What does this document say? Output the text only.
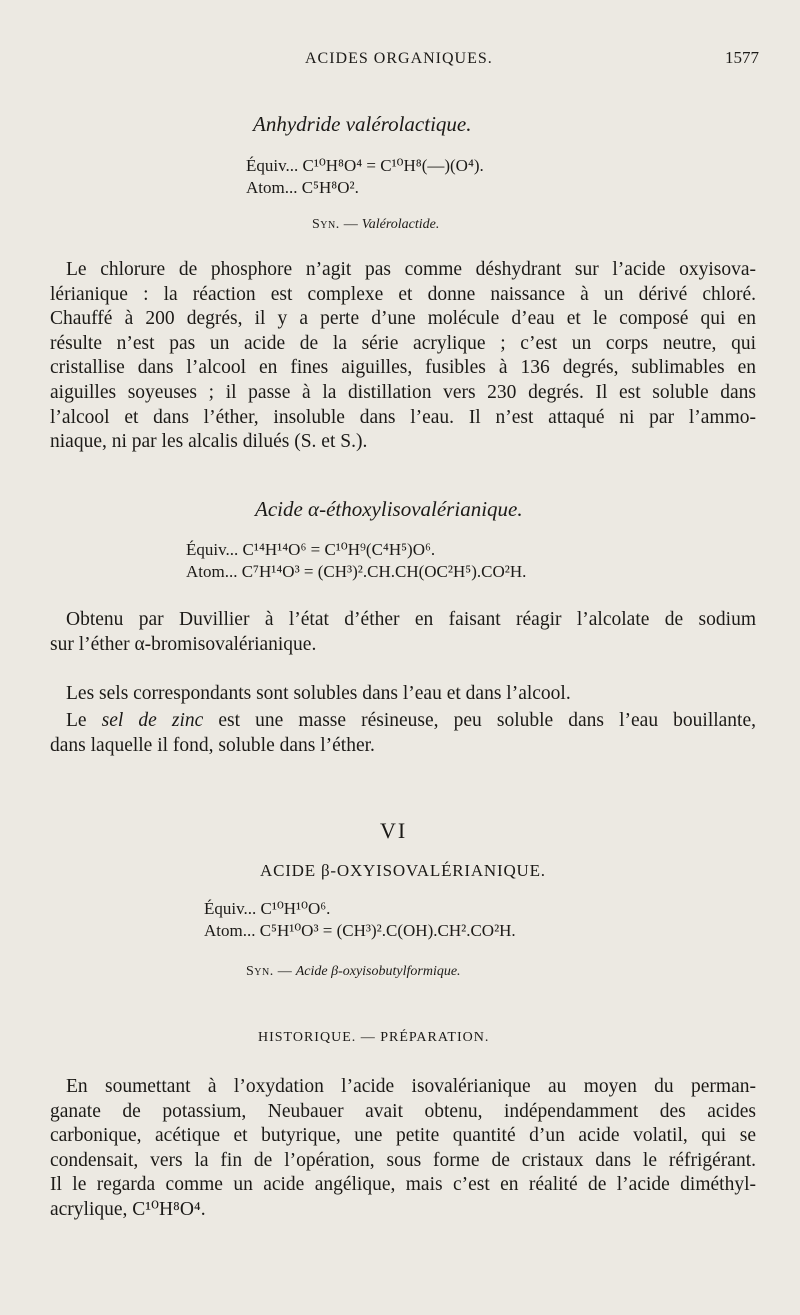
ACIDES ORGANIQUES.	1577
Anhydride valérolactique.
Équiv... C¹⁰H⁸O⁴ = C¹⁰H⁸(—)(O⁴).
Atom... C⁵H⁸O².
Syn. — Valérolactide.
Le chlorure de phosphore n’agit pas comme déshydrant sur l’acide oxyisova-
lérianique : la réaction est complexe et donne naissance à un dérivé chloré.
Chauffé à 200 degrés, il y a perte d’une molécule d’eau et le composé qui en
résulte n’est pas un acide de la série acrylique ; c’est un corps neutre, qui
cristallise dans l’alcool en fines aiguilles, fusibles à 136 degrés, sublimables en
aiguilles soyeuses ; il passe à la distillation vers 230 degrés. Il est soluble dans
l’alcool et dans l’éther, insoluble dans l’eau. Il n’est attaqué ni par l’ammo-
niaque, ni par les alcalis dilués (S. et S.).
Acide α-éthoxylisovalérianique.
Équiv... C¹⁴H¹⁴O⁶ = C¹⁰H⁹(C⁴H⁵)O⁶.
Atom... C⁷H¹⁴O³ = (CH³)².CH.CH(OC²H⁵).CO²H.
Obtenu par Duvillier à l’état d’éther en faisant réagir l’alcolate de sodium
sur l’éther α-bromisovalérianique.
Les sels correspondants sont solubles dans l’eau et dans l’alcool.
Le sel de zinc est une masse résineuse, peu soluble dans l’eau bouillante,
dans laquelle il fond, soluble dans l’éther.
VI
ACIDE β-OXYISOVALÉRIANIQUE.
Équiv... C¹⁰H¹⁰O⁶.
Atom... C⁵H¹⁰O³ = (CH³)².C(OH).CH².CO²H.
Syn. — Acide β-oxyisobutylformique.
HISTORIQUE. — PRÉPARATION.
En soumettant à l’oxydation l’acide isovalérianique au moyen du perman-
ganate de potassium, Neubauer avait obtenu, indépendamment des acides
carbonique, acétique et butyrique, une petite quantité d’un acide volatil, qui se
condensait, vers la fin de l’opération, sous forme de cristaux dans le réfrigérant.
Il le regarda comme un acide angélique, mais c’est en réalité de l’acide diméthyl-
acrylique, C¹⁰H⁸O⁴.
